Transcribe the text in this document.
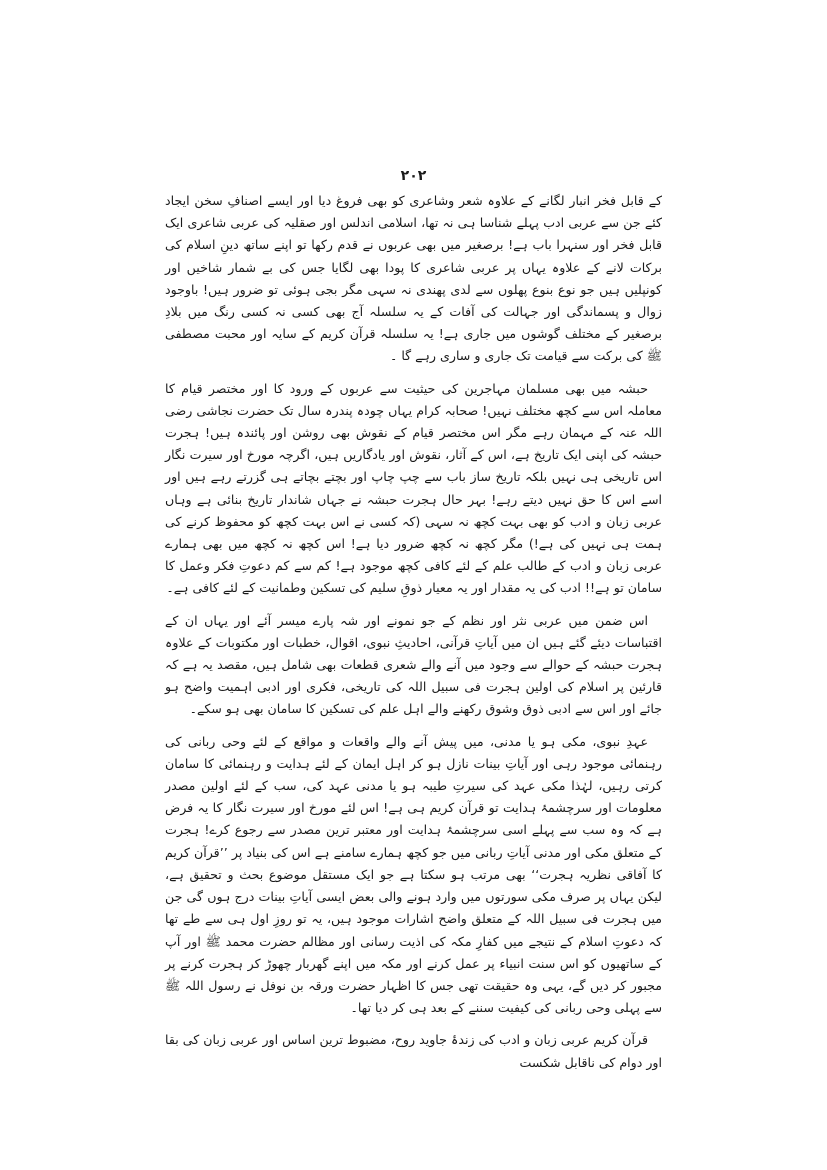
۲۰۲

کے قابل فخر انبار لگانے کے علاوہ شعر وشاعری کو بھی فروغ دیا اور ایسے اصنافِ سخن ایجاد کئے جن سے عربی ادب پہلے شناسا ہی نہ تھا، اسلامی اندلس اور صقلیہ کی عربی شاعری ایک قابل فخر اور سنہرا باب ہے! برصغیر میں بھی عربوں نے قدم رکھا تو اپنے ساتھ دینِ اسلام کی برکات لانے کے علاوہ یہاں پر عربی شاعری کا پودا بھی لگایا جس کی بے شمار شاخیں اور کونپلیں ہیں جو نوع بنوع پھلوں سے لدی پھندی نہ سہی مگر بجی ہوئی تو ضرور ہیں! باوجود زوال و پسماندگی اور جہالت کی آفات کے یہ سلسلہ آج بھی کسی نہ کسی رنگ میں بلادِ برصغیر کے مختلف گوشوں میں جاری ہے! یہ سلسلہ قرآن کریم کے سایہ اور محبت مصطفی ﷺ کی برکت سے قیامت تک جاری و ساری رہے گا ۔

حبشہ میں بھی مسلمان مہاجرین کی حیثیت سے عربوں کے ورود کا اور مختصر قیام کا معاملہ اس سے کچھ مختلف نہیں! صحابہ کرام یہاں چودہ پندرہ سال تک حضرت نجاشی رضی اللہ عنہ کے مہمان رہے مگر اس مختصر قیام کے نقوش بھی روشن اور پائندہ ہیں! ہجرت حبشہ کی اپنی ایک تاریخ ہے، اس کے آثار، نقوش اور یادگاریں ہیں، اگرچہ مورخ اور سیرت نگار اس تاریخی ہی نہیں بلکہ تاریخ ساز باب سے چپ چاپ اور بچتے بچاتے ہی گزرتے رہے ہیں اور اسے اس کا حق نہیں دیتے رہے! بہر حال ہجرت حبشہ نے جہاں شاندار تاریخ بنائی ہے وہاں عربی زبان و ادب کو بھی بہت کچھ نہ سہی (کہ کسی نے اس بہت کچھ کو محفوظ کرنے کی ہمت ہی نہیں کی ہے!) مگر کچھ نہ کچھ ضرور دیا ہے! اس کچھ نہ کچھ میں بھی ہمارے عربی زبان و ادب کے طالب علم کے لئے کافی کچھ موجود ہے! کم سے کم دعوتِ فکر وعمل کا سامان تو ہے!! ادب کی یہ مقدار اور یہ معیار ذوقِ سلیم کی تسکین وطمانیت کے لئے کافی ہے۔

اس ضمن میں عربی نثر اور نظم کے جو نمونے اور شہ پارے میسر آئے اور یہاں ان کے اقتباسات دیئے گئے ہیں ان میں آیاتِ قرآنی، احادیثِ نبوی، اقوال، خطبات اور مکتوبات کے علاوہ ہجرت حبشہ کے حوالے سے وجود میں آنے والے شعری قطعات بھی شامل ہیں، مقصد یہ ہے کہ قارئین پر اسلام کی اولین ہجرت فی سبیل اللہ کی تاریخی، فکری اور ادبی اہمیت واضح ہو جائے اور اس سے ادبی ذوق وشوق رکھنے والے اہل علم کی تسکین کا سامان بھی ہو سکے۔

عہدِ نبوی، مکی ہو یا مدنی، میں پیش آنے والے واقعات و مواقع کے لئے وحی ربانی کی رہنمائی موجود رہی اور آیاتِ بینات نازل ہو کر اہل ایمان کے لئے ہدایت و رہنمائی کا سامان کرتی رہیں، لہٰذا مکی عہد کی سیرتِ طیبہ ہو یا مدنی عہد کی، سب کے لئے اولین مصدر معلومات اور سرچشمۂ ہدایت تو قرآن کریم ہی ہے! اس لئے مورخ اور سیرت نگار کا یہ فرض ہے کہ وہ سب سے پہلے اسی سرچشمۂ ہدایت اور معتبر ترین مصدر سے رجوع کرے! ہجرت کے متعلق مکی اور مدنی آیاتِ ربانی میں جو کچھ ہمارے سامنے ہے اس کی بنیاد پر ’’قرآن کریم کا آفاقی نظریہ ہجرت‘‘ بھی مرتب ہو سکتا ہے جو ایک مستقل موضوع بحث و تحقیق ہے، لیکن یہاں پر صرف مکی سورتوں میں وارد ہونے والی بعض ایسی آیاتِ بینات درج ہوں گی جن میں ہجرت فی سبیل اللہ کے متعلق واضح اشارات موجود ہیں، یہ تو روزِ اول ہی سے طے تھا کہ دعوتِ اسلام کے نتیجے میں کفارِ مکہ کی اذیت رسانی اور مظالم حضرت محمد ﷺ اور آپ کے ساتھیوں کو اس سنت انبیاء پر عمل کرنے اور مکہ میں اپنے گھربار چھوڑ کر ہجرت کرنے پر مجبور کر دیں گے، یہی وہ حقیقت تھی جس کا اظہار حضرت ورقہ بن نوفل نے رسول اللہ ﷺ سے پہلی وحی ربانی کی کیفیت سننے کے بعد ہی کر دیا تھا۔

قرآن کریم عربی زبان و ادب کی زندۂ جاوید روح، مضبوط ترین اساس اور عربی زبان کی بقا اور دوام کی ناقابل شکست
